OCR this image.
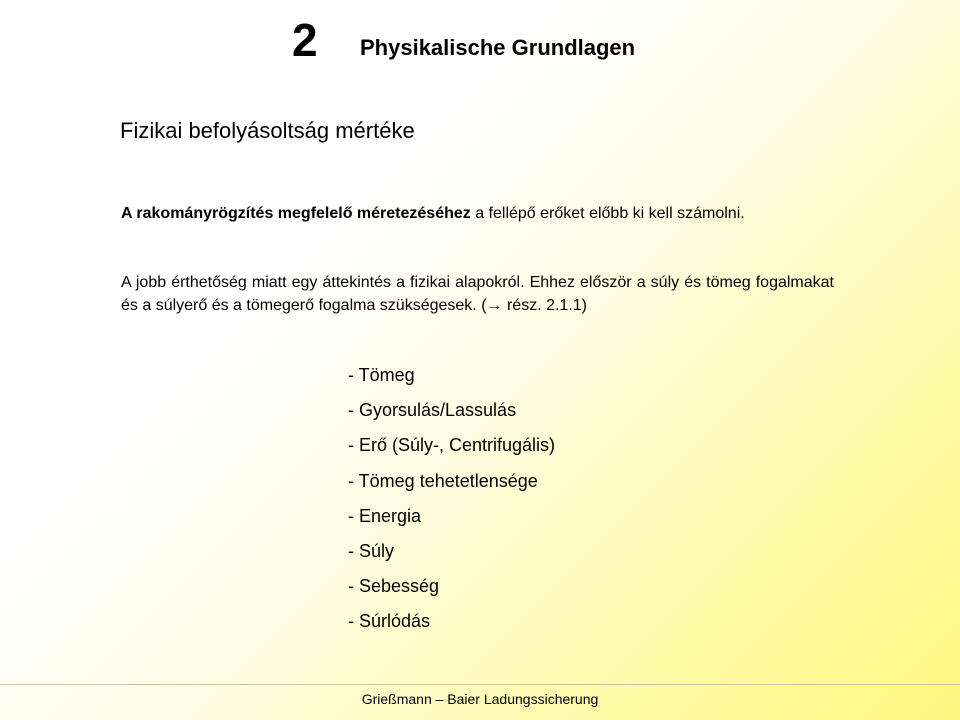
2 Physikalische Grundlagen
Fizikai befolyásoltság mértéke
A rakományrögzítés megfelelő méretezéséhez a fellépő erőket előbb ki kell számolni.
A jobb érthetőség miatt egy áttekintés a fizikai alapokról. Ehhez először a súly és tömeg fogalmakat és a súlyerő és a tömegerő fogalma szükségesek. (→ rész. 2.1.1)
- Tömeg
- Gyorsulás/Lassulás
- Erő (Súly-, Centrifugális)
- Tömeg tehetetlensége
- Energia
- Súly
- Sebesség
- Súrlódás
Grießmann – Baier Ladungssicherung
